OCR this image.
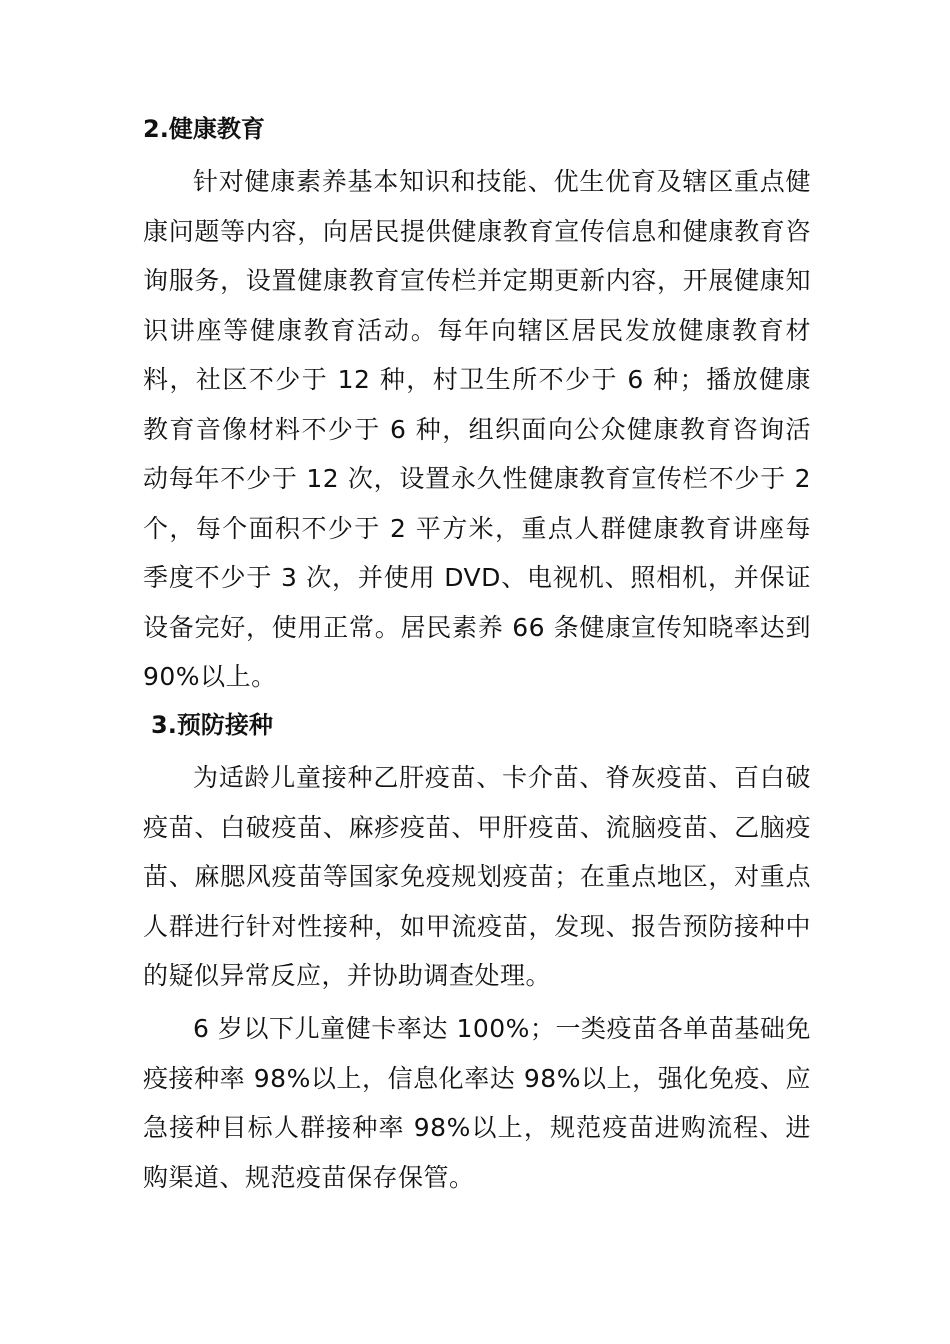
2.健康教育

针对健康素养基本知识和技能、优生优育及辖区重点健康问题等内容，向居民提供健康教育宣传信息和健康教育咨询服务，设置健康教育宣传栏并定期更新内容，开展健康知识讲座等健康教育活动。每年向辖区居民发放健康教育材料，社区不少于 12 种，村卫生所不少于 6 种；播放健康教育音像材料不少于 6 种，组织面向公众健康教育咨询活动每年不少于 12 次，设置永久性健康教育宣传栏不少于 2 个，每个面积不少于 2 平方米，重点人群健康教育讲座每季度不少于 3 次，并使用 DVD、电视机、照相机，并保证设备完好，使用正常。居民素养 66 条健康宣传知晓率达到 90%以上。

3.预防接种

为适龄儿童接种乙肝疫苗、卡介苗、脊灰疫苗、百白破疫苗、白破疫苗、麻疹疫苗、甲肝疫苗、流脑疫苗、乙脑疫苗、麻腮风疫苗等国家免疫规划疫苗；在重点地区，对重点人群进行针对性接种，如甲流疫苗，发现、报告预防接种中的疑似异常反应，并协助调查处理。

6 岁以下儿童健卡率达 100%；一类疫苗各单苗基础免疫接种率 98%以上，信息化率达 98%以上，强化免疫、应急接种目标人群接种率 98%以上，规范疫苗进购流程、进购渠道、规范疫苗保存保管。
